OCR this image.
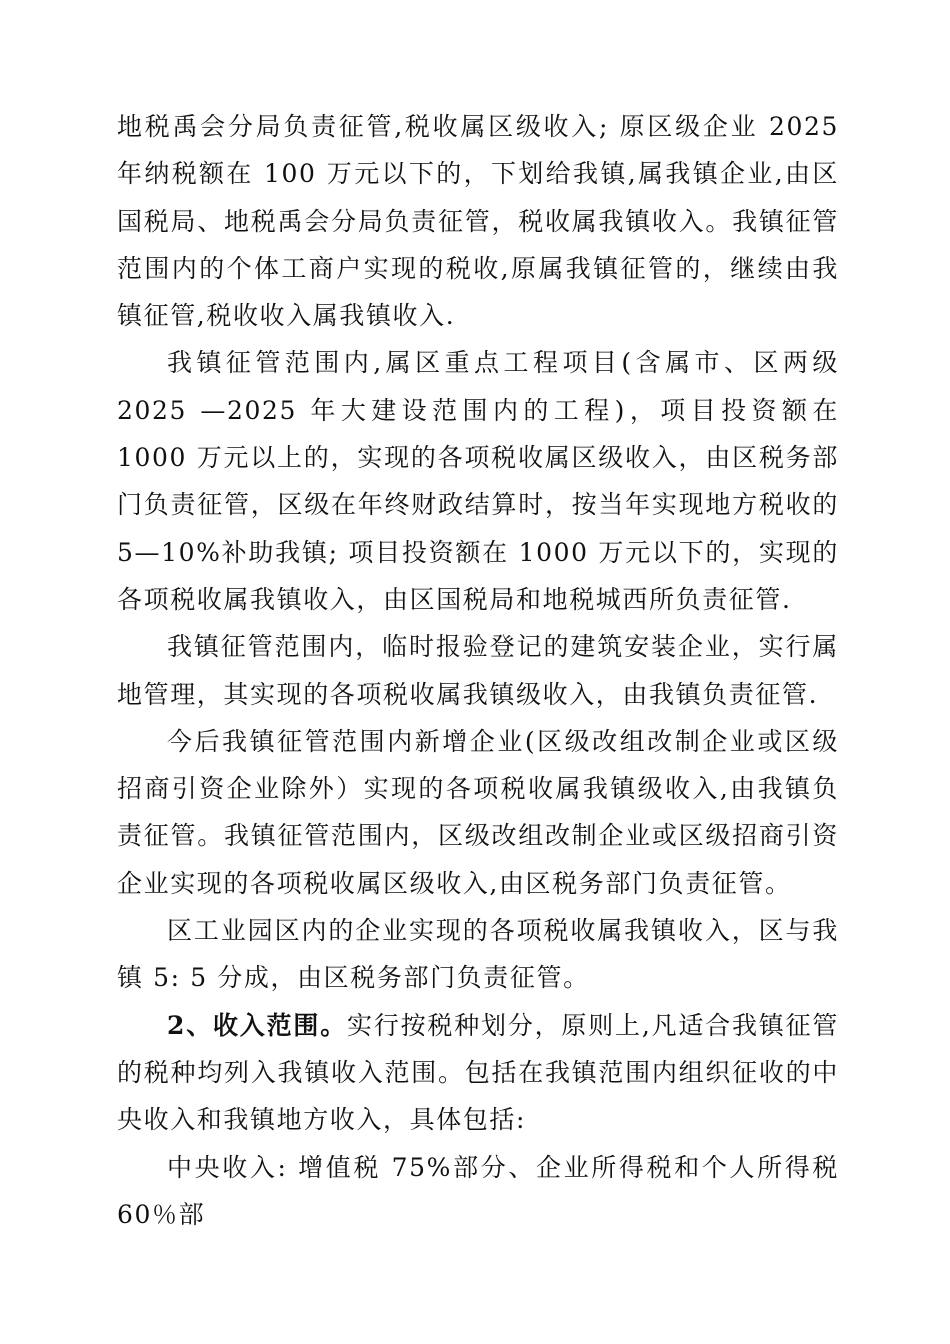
地税禹会分局负责征管,税收属区级收入; 原区级企业 2025 年纳税额在 100 万元以下的，下划给我镇,属我镇企业,由区国税局、地税禹会分局负责征管，税收属我镇收入。我镇征管范围内的个体工商户实现的税收,原属我镇征管的，继续由我镇征管,税收收入属我镇收入.

我镇征管范围内,属区重点工程项目(含属市、区两级 2025 —2025 年大建设范围内的工程)，项目投资额在 1000 万元以上的，实现的各项税收属区级收入，由区税务部门负责征管，区级在年终财政结算时，按当年实现地方税收的 5—10%补助我镇; 项目投资额在 1000 万元以下的，实现的各项税收属我镇收入，由区国税局和地税城西所负责征管.

我镇征管范围内，临时报验登记的建筑安装企业，实行属地管理，其实现的各项税收属我镇级收入，由我镇负责征管.

今后我镇征管范围内新增企业(区级改组改制企业或区级招商引资企业除外）实现的各项税收属我镇级收入,由我镇负责征管。我镇征管范围内，区级改组改制企业或区级招商引资企业实现的各项税收属区级收入,由区税务部门负责征管。

区工业园区内的企业实现的各项税收属我镇收入，区与我镇 5: 5 分成，由区税务部门负责征管。

2、收入范围。实行按税种划分，原则上,凡适合我镇征管的税种均列入我镇收入范围。包括在我镇范围内组织征收的中央收入和我镇地方收入，具体包括:

中央收入: 增值税 75%部分、企业所得税和个人所得税 60％部
